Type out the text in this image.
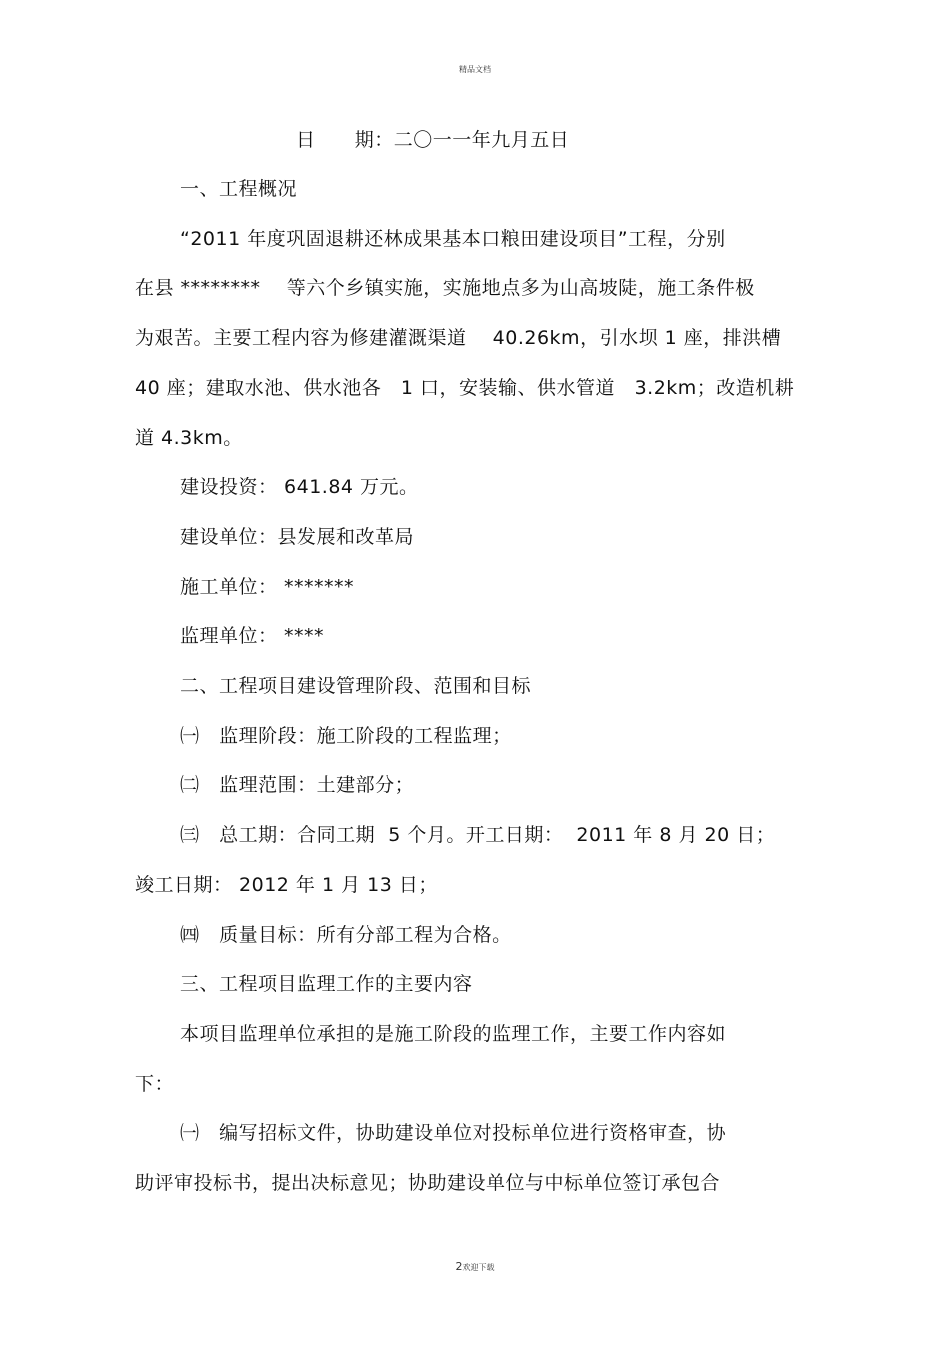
精品文档
日      期：二〇一一年九月五日
一、工程概况
“2011 年度巩固退耕还林成果基本口粮田建设项目”工程，分别
在县 ********    等六个乡镇实施，实施地点多为山高坡陡，施工条件极
为艰苦。主要工程内容为修建灌溉渠道    40.26km，引水坝 1 座，排洪槽
40 座；建取水池、供水池各   1 口，安装输、供水管道   3.2km；改造机耕
道 4.3km。
建设投资： 641.84 万元。
建设单位：县发展和改革局
施工单位： *******
监理单位： ****
二、工程项目建设管理阶段、范围和目标
㈠   监理阶段：施工阶段的工程监理；
㈡   监理范围：土建部分；
㈢   总工期：合同工期  5 个月。开工日期：  2011 年 8 月 20 日；
竣工日期： 2012 年 1 月 13 日；
㈣   质量目标：所有分部工程为合格。
三、工程项目监理工作的主要内容
本项目监理单位承担的是施工阶段的监理工作，主要工作内容如
下：
㈠   编写招标文件，协助建设单位对投标单位进行资格审查，协
助评审投标书，提出决标意见；协助建设单位与中标单位签订承包合
2欢迎下载
